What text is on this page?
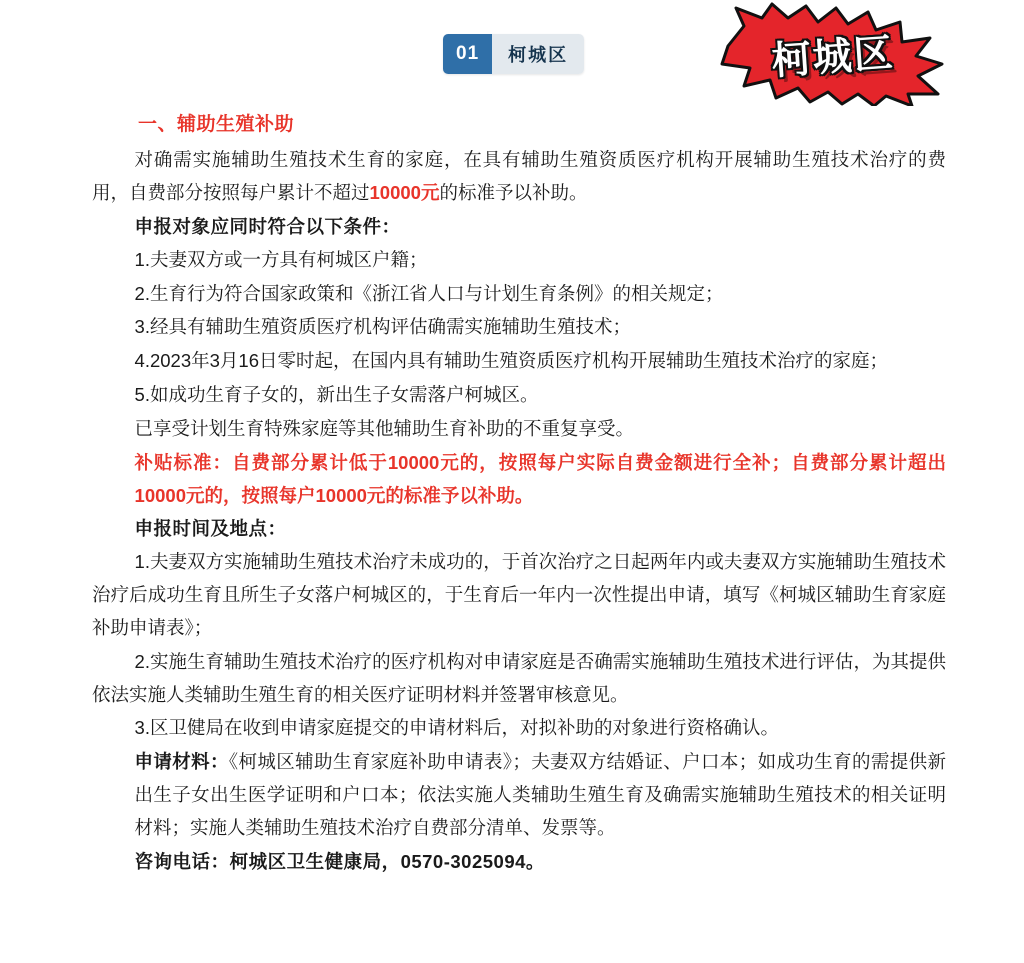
01	柯城区	柯城区
一、辅助生殖补助

对确需实施辅助生殖技术生育的家庭，在具有辅助生殖资质医疗机构开展辅助生殖技术治疗的费用，自费部分按照每户累计不超过10000元的标准予以补助。

申报对象应同时符合以下条件：

1.夫妻双方或一方具有柯城区户籍；

2.生育行为符合国家政策和《浙江省人口与计划生育条例》的相关规定；

3.经具有辅助生殖资质医疗机构评估确需实施辅助生殖技术；

4.2023年3月16日零时起，在国内具有辅助生殖资质医疗机构开展辅助生殖技术治疗的家庭；

5.如成功生育子女的，新出生子女需落户柯城区。

已享受计划生育特殊家庭等其他辅助生育补助的不重复享受。

补贴标准：自费部分累计低于10000元的，按照每户实际自费金额进行全补；自费部分累计超出10000元的，按照每户10000元的标准予以补助。

申报时间及地点：

1.夫妻双方实施辅助生殖技术治疗未成功的，于首次治疗之日起两年内或夫妻双方实施辅助生殖技术治疗后成功生育且所生子女落户柯城区的，于生育后一年内一次性提出申请，填写《柯城区辅助生育家庭补助申请表》；

2.实施生育辅助生殖技术治疗的医疗机构对申请家庭是否确需实施辅助生殖技术进行评估，为其提供依法实施人类辅助生殖生育的相关医疗证明材料并签署审核意见。

3.区卫健局在收到申请家庭提交的申请材料后，对拟补助的对象进行资格确认。

申请材料：《柯城区辅助生育家庭补助申请表》；夫妻双方结婚证、户口本；如成功生育的需提供新出生子女出生医学证明和户口本；依法实施人类辅助生殖生育及确需实施辅助生殖技术的相关证明材料；实施人类辅助生殖技术治疗自费部分清单、发票等。

咨询电话：柯城区卫生健康局，0570-3025094。
